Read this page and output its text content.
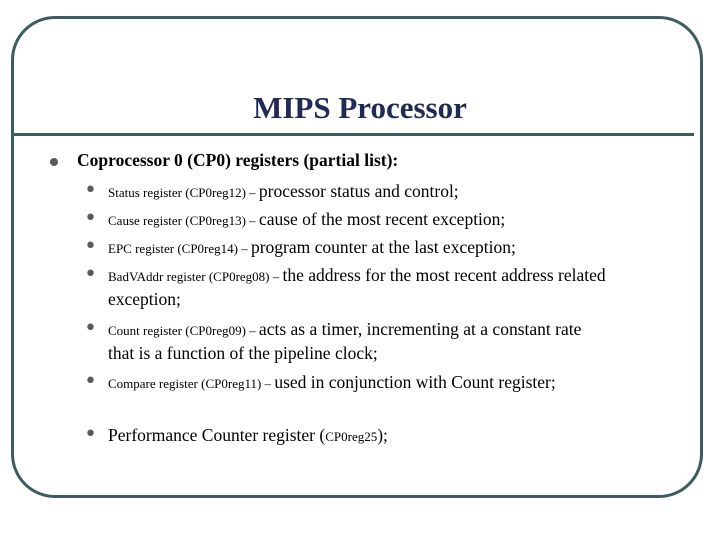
MIPS Processor
Coprocessor 0 (CP0) registers (partial list):
• Status register (CP0reg12) – processor status and control;
• Cause register (CP0reg13) – cause of the most recent exception;
• EPC register (CP0reg14) – program counter at the last exception;
• BadVAddr register (CP0reg08) – the address for the most recent address related exception;
• Count register (CP0reg09) – acts as a timer, incrementing at a constant rate that is a function of the pipeline clock;
• Compare register (CP0reg11) – used in conjunction with Count register;
• Performance Counter register (CP0reg25);
